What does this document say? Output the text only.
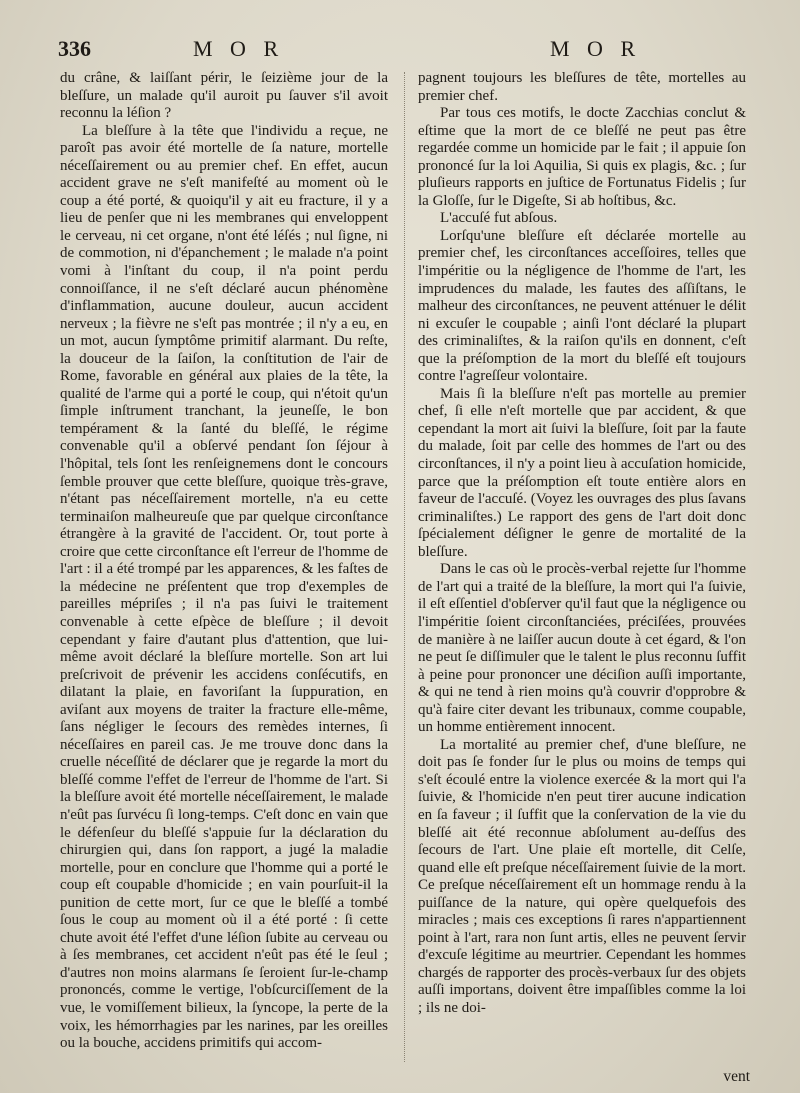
336	M O R	M O R

du crâne, & laiſſant périr, le ſeizième jour de la bleſſure, un malade qu'il auroit pu ſauver s'il avoit reconnu la léſion ?

La bleſſure à la tête que l'individu a reçue, ne paroît pas avoir été mortelle de ſa nature, mortelle néceſſairement ou au premier chef. En effet, aucun accident grave ne s'eſt manifeſté au moment où le coup a été porté, & quoiqu'il y ait eu fracture, il y a lieu de penſer que ni les membranes qui enveloppent le cerveau, ni cet organe, n'ont été léſés ; nul ſigne, ni de commotion, ni d'épanchement ; le malade n'a point vomi à l'inſtant du coup, il n'a point perdu connoiſſance, il ne s'eſt déclaré aucun phénomène d'inflammation, aucune douleur, aucun accident nerveux ; la fièvre ne s'eſt pas montrée ; il n'y a eu, en un mot, aucun ſymptôme primitif alarmant. Du reſte, la douceur de la ſaiſon, la conſtitution de l'air de Rome, favorable en général aux plaies de la tête, la qualité de l'arme qui a porté le coup, qui n'étoit qu'un ſimple inſtrument tranchant, la jeuneſſe, le bon tempérament & la ſanté du bleſſé, le régime convenable qu'il a obſervé pendant ſon ſéjour à l'hôpital, tels ſont les renſeignemens dont le concours ſemble prouver que cette bleſſure, quoique très-grave, n'étant pas néceſſairement mortelle, n'a eu cette terminaiſon malheureuſe que par quelque circonſtance étrangère à la gravité de l'accident. Or, tout porte à croire que cette circonſtance eſt l'erreur de l'homme de l'art : il a été trompé par les apparences, & les faſtes de la médecine ne préſentent que trop d'exemples de pareilles mépriſes ; il n'a pas ſuivi le traitement convenable à cette eſpèce de bleſſure ; il devoit cependant y faire d'autant plus d'attention, que lui-même avoit déclaré la bleſſure mortelle. Son art lui preſcrivoit de prévenir les accidens conſécutifs, en dilatant la plaie, en favoriſant la ſuppuration, en aviſant aux moyens de traiter la fracture elle-même, ſans négliger le ſecours des remèdes internes, ſi néceſſaires en pareil cas. Je me trouve donc dans la cruelle néceſſité de déclarer que je regarde la mort du bleſſé comme l'effet de l'erreur de l'homme de l'art. Si la bleſſure avoit été mortelle néceſſairement, le malade n'eût pas ſurvécu ſi long-temps. C'eſt donc en vain que le défenſeur du bleſſé s'appuie ſur la déclaration du chirurgien qui, dans ſon rapport, a jugé la maladie mortelle, pour en conclure que l'homme qui a porté le coup eſt coupable d'homicide ; en vain pourſuit-il la punition de cette mort, ſur ce que le bleſſé a tombé ſous le coup au moment où il a été porté : ſi cette chute avoit été l'effet d'une léſion ſubite au cerveau ou à ſes membranes, cet accident n'eût pas été le ſeul ; d'autres non moins alarmans ſe ſeroient ſur-le-champ prononcés, comme le vertige, l'obſcurciſſement de la vue, le vomiſſement bilieux, la ſyncope, la perte de la voix, les hémorrhagies par les narines, par les oreilles ou la bouche, accidens primitifs qui accom-

pagnent toujours les bleſſures de tête, mortelles au premier chef.

Par tous ces motifs, le docte Zacchias conclut & eſtime que la mort de ce bleſſé ne peut pas être regardée comme un homicide par le fait ; il appuie ſon prononcé ſur la loi Aquilia, Si quis ex plagis, &c. ; ſur pluſieurs rapports en juſtice de Fortunatus Fidelis ; ſur la Gloſſe, ſur le Digeſte, Si ab hoſtibus, &c.

L'accuſé fut abſous.

Lorſqu'une bleſſure eſt déclarée mortelle au premier chef, les circonſtances acceſſoires, telles que l'impéritie ou la négligence de l'homme de l'art, les imprudences du malade, les fautes des aſſiſtans, le malheur des circonſtances, ne peuvent atténuer le délit ni excuſer le coupable ; ainſi l'ont déclaré la plupart des criminaliſtes, & la raiſon qu'ils en donnent, c'eſt que la préſomption de la mort du bleſſé eſt toujours contre l'agreſſeur volontaire.

Mais ſi la bleſſure n'eſt pas mortelle au premier chef, ſi elle n'eſt mortelle que par accident, & que cependant la mort ait ſuivi la bleſſure, ſoit par la faute du malade, ſoit par celle des hommes de l'art ou des circonſtances, il n'y a point lieu à accuſation homicide, parce que la préſomption eſt toute entière alors en faveur de l'accuſé. (Voyez les ouvrages des plus ſavans criminaliſtes.) Le rapport des gens de l'art doit donc ſpécialement déſigner le genre de mortalité de la bleſſure.

Dans le cas où le procès-verbal rejette ſur l'homme de l'art qui a traité de la bleſſure, la mort qui l'a ſuivie, il eſt eſſentiel d'obſerver qu'il faut que la négligence ou l'impéritie ſoient circonſtanciées, préciſées, prouvées de manière à ne laiſſer aucun doute à cet égard, & l'on ne peut ſe diſſimuler que le talent le plus reconnu ſuffit à peine pour prononcer une déciſion auſſi importante, & qui ne tend à rien moins qu'à couvrir d'opprobre & qu'à faire citer devant les tribunaux, comme coupable, un homme entièrement innocent.

La mortalité au premier chef, d'une bleſſure, ne doit pas ſe fonder ſur le plus ou moins de temps qui s'eſt écoulé entre la violence exercée & la mort qui l'a ſuivie, & l'homicide n'en peut tirer aucune indication en ſa faveur ; il ſuffit que la conſervation de la vie du bleſſé ait été reconnue abſolument au-deſſus des ſecours de l'art. Une plaie eſt mortelle, dit Celſe, quand elle eſt preſque néceſſairement ſuivie de la mort. Ce preſque néceſſairement eſt un hommage rendu à la puiſſance de la nature, qui opère quelquefois des miracles ; mais ces exceptions ſi rares n'appartiennent point à l'art, rara non ſunt artis, elles ne peuvent ſervir d'excuſe légitime au meurtrier. Cependant les hommes chargés de rapporter des procès-verbaux ſur des objets auſſi importans, doivent être impaſſibles comme la loi ; ils ne doi-

vent
